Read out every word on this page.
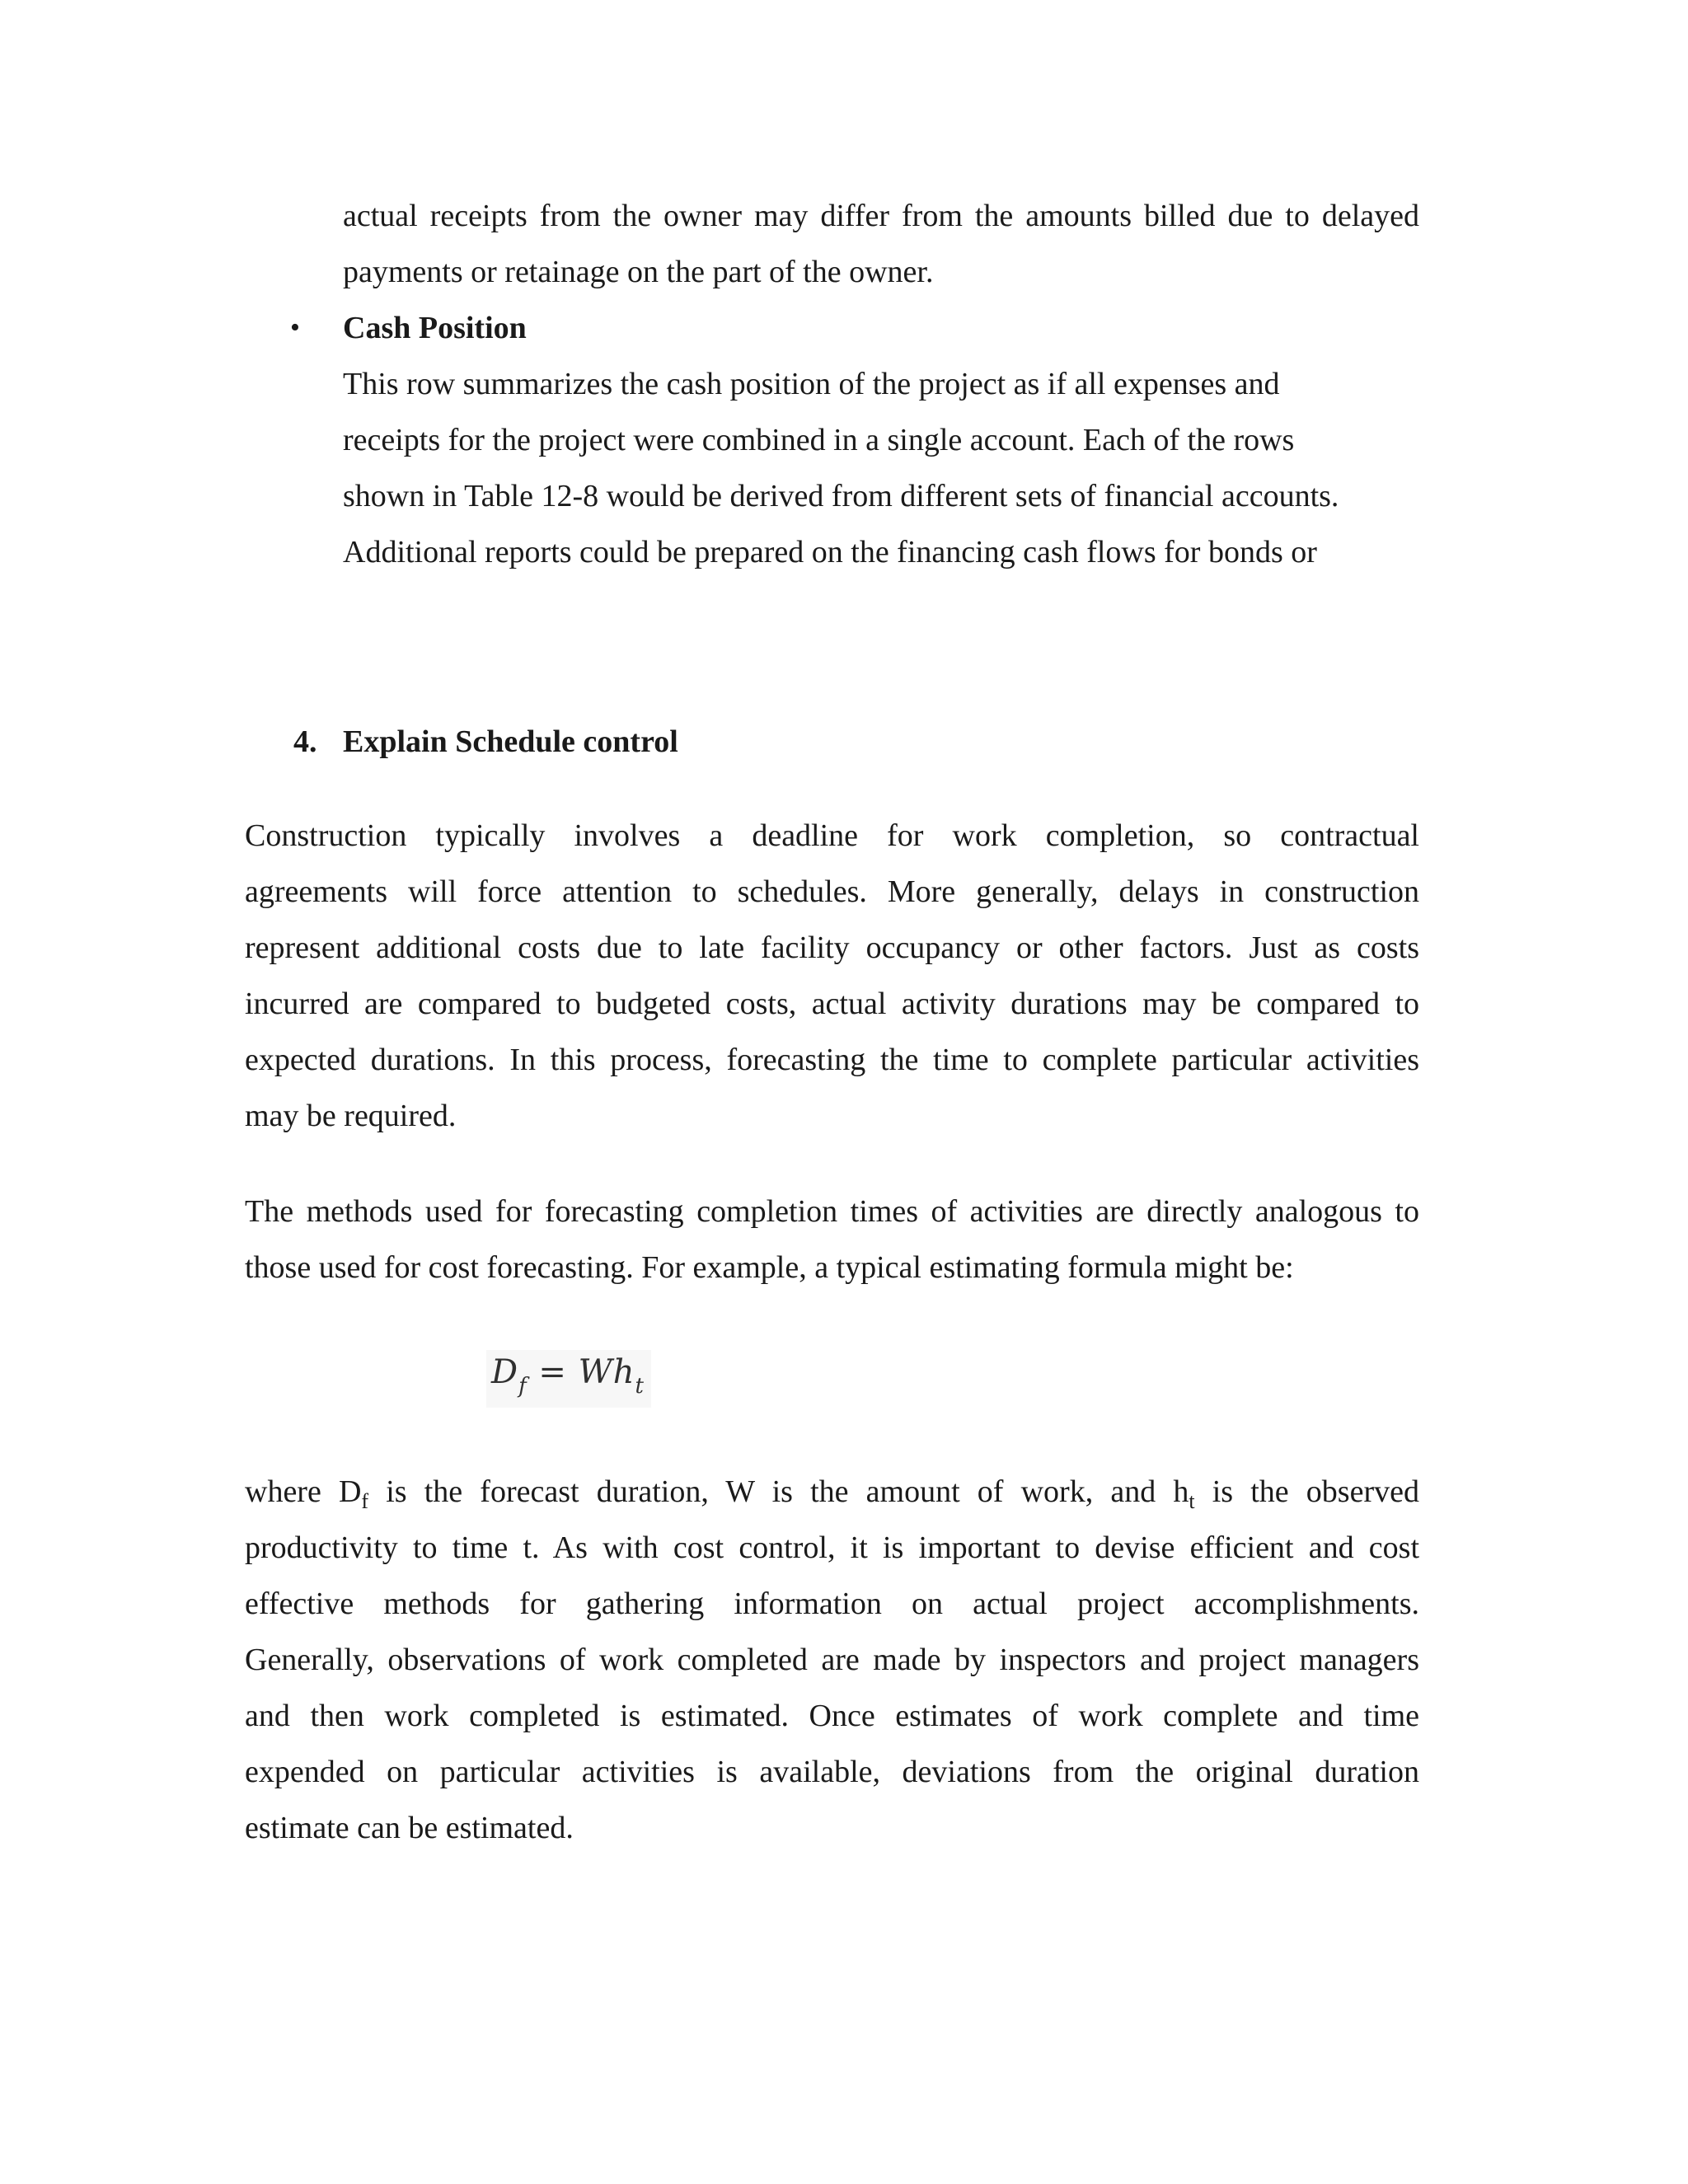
actual receipts from the owner may differ from the amounts billed due to delayed
payments or retainage on the part of the owner.
• Cash Position
This row summarizes the cash position of the project as if all expenses and
receipts for the project were combined in a single account. Each of the rows
shown in Table 12-8 would be derived from different sets of financial accounts.
Additional reports could be prepared on the financing cash flows for bonds or
4. Explain Schedule control
Construction typically involves a deadline for work completion, so contractual
agreements will force attention to schedules. More generally, delays in construction
represent additional costs due to late facility occupancy or other factors. Just as costs
incurred are compared to budgeted costs, actual activity durations may be compared to
expected durations. In this process, forecasting the time to complete particular activities
may be required.
The methods used for forecasting completion times of activities are directly analogous to
those used for cost forecasting. For example, a typical estimating formula might be:
$D_f = Wh_t$
where $D_f$ is the forecast duration, W is the amount of work, and $h_t$ is the observed
productivity to time t. As with cost control, it is important to devise efficient and cost
effective methods for gathering information on actual project accomplishments.
Generally, observations of work completed are made by inspectors and project managers
and then work completed is estimated. Once estimates of work complete and time
expended on particular activities is available, deviations from the original duration
estimate can be estimated.
